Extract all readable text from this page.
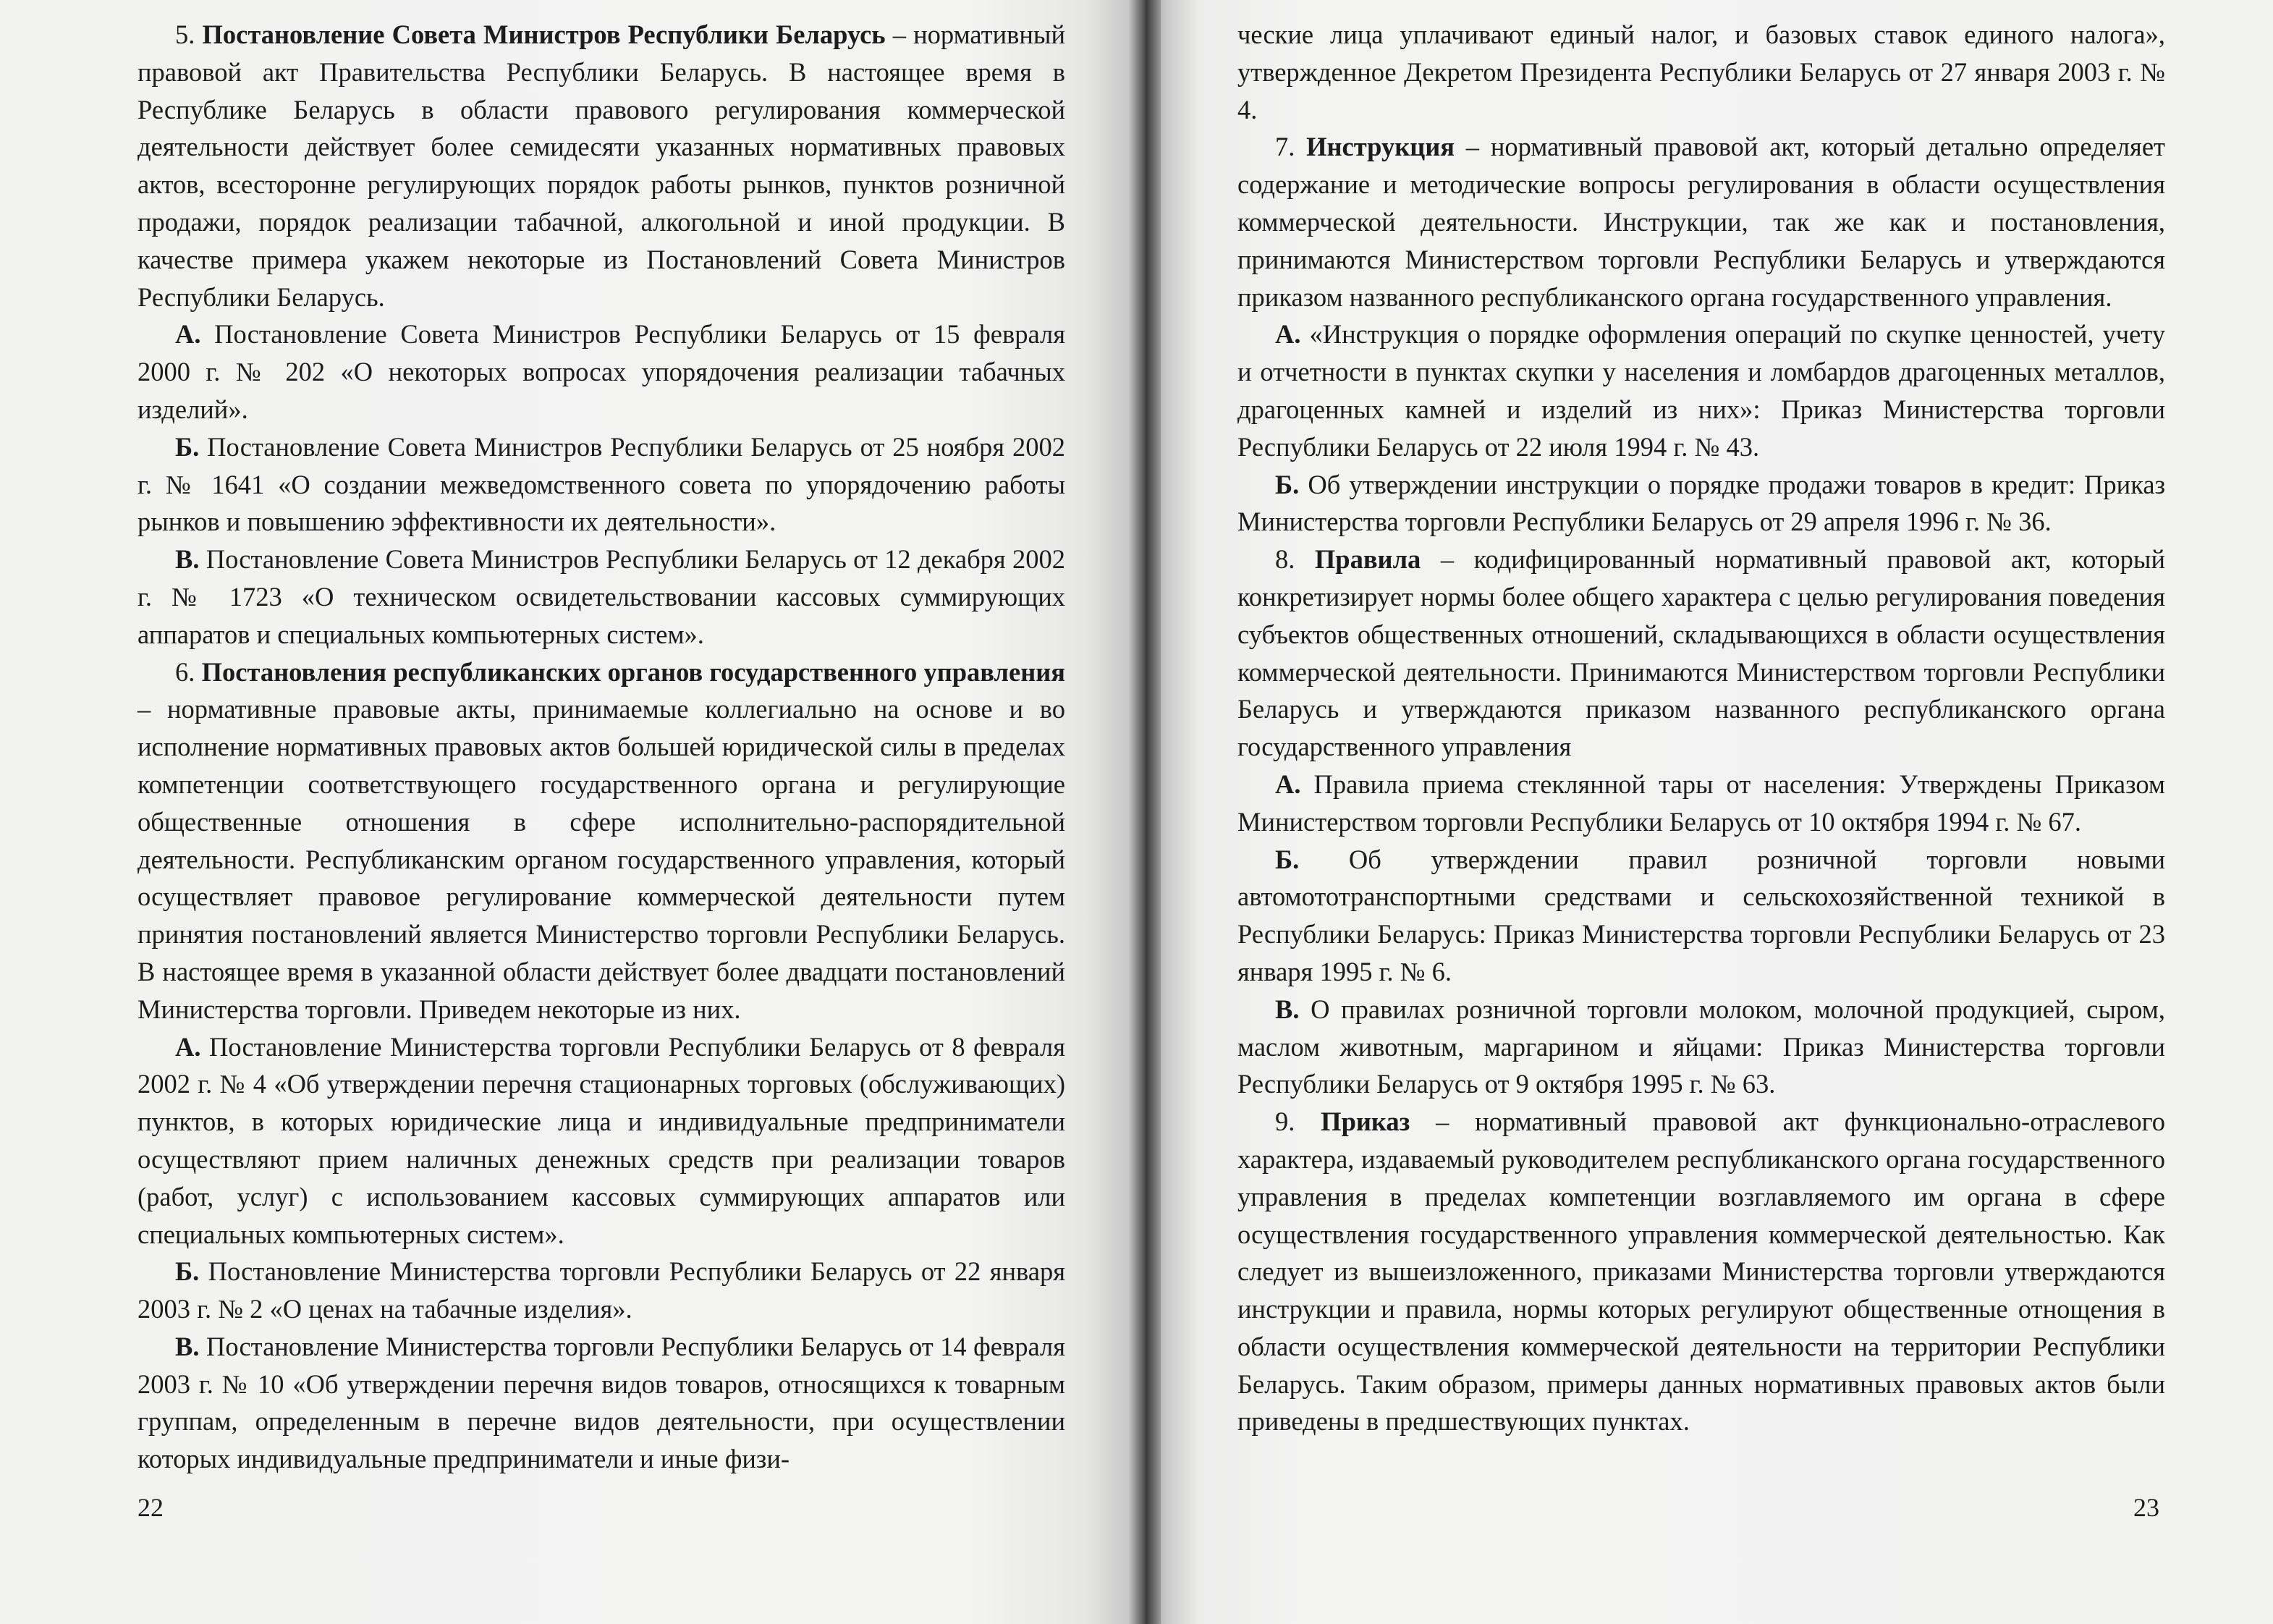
5. Постановление Совета Министров Республики Беларусь – нормативный правовой акт Правительства Республики Беларусь. В настоящее время в Республике Беларусь в области правового регулирования коммерческой деятельности действует более семидесяти указанных нормативных правовых актов, всесторонне регулирующих порядок работы рынков, пунктов розничной продажи, порядок реализации табачной, алкогольной и иной продукции. В качестве примера укажем некоторые из Постановлений Совета Министров Республики Беларусь.

А. Постановление Совета Министров Республики Беларусь от 15 февраля 2000 г. № 202 «О некоторых вопросах упорядочения реализации табачных изделий».

Б. Постановление Совета Министров Республики Беларусь от 25 ноября 2002 г. № 1641 «О создании межведомственного совета по упорядочению работы рынков и повышению эффективности их деятельности».

В. Постановление Совета Министров Республики Беларусь от 12 декабря 2002 г. № 1723 «О техническом освидетельствовании кассовых суммирующих аппаратов и специальных компьютерных систем».

6. Постановления республиканских органов государственного управления – нормативные правовые акты, принимаемые коллегиально на основе и во исполнение нормативных правовых актов большей юридической силы в пределах компетенции соответствующего государственного органа и регулирующие общественные отношения в сфере исполнительно-распорядительной деятельности. Республиканским органом государственного управления, который осуществляет правовое регулирование коммерческой деятельности путем принятия постановлений является Министерство торговли Республики Беларусь. В настоящее время в указанной области действует более двадцати постановлений Министерства торговли. Приведем некоторые из них.

А. Постановление Министерства торговли Республики Беларусь от 8 февраля 2002 г. № 4 «Об утверждении перечня стационарных торговых (обслуживающих) пунктов, в которых юридические лица и индивидуальные предприниматели осуществляют прием наличных денежных средств при реализации товаров (работ, услуг) с использованием кассовых суммирующих аппаратов или специальных компьютерных систем».

Б. Постановление Министерства торговли Республики Беларусь от 22 января 2003 г. № 2 «О ценах на табачные изделия».

В. Постановление Министерства торговли Республики Беларусь от 14 февраля 2003 г. № 10 «Об утверждении перечня видов товаров, относящихся к товарным группам, определенным в перечне видов деятельности, при осуществлении которых индивидуальные предприниматели и иные физи-

22

ческие лица уплачивают единый налог, и базовых ставок единого налога», утвержденное Декретом Президента Республики Беларусь от 27 января 2003 г. № 4.

7. Инструкция – нормативный правовой акт, который детально определяет содержание и методические вопросы регулирования в области осуществления коммерческой деятельности. Инструкции, так же как и постановления, принимаются Министерством торговли Республики Беларусь и утверждаются приказом названного республиканского органа государственного управления.

А. «Инструкция о порядке оформления операций по скупке ценностей, учету и отчетности в пунктах скупки у населения и ломбардов драгоценных металлов, драгоценных камней и изделий из них»: Приказ Министерства торговли Республики Беларусь от 22 июля 1994 г. № 43.

Б. Об утверждении инструкции о порядке продажи товаров в кредит: Приказ Министерства торговли Республики Беларусь от 29 апреля 1996 г. № 36.

8. Правила – кодифицированный нормативный правовой акт, который конкретизирует нормы более общего характера с целью регулирования поведения субъектов общественных отношений, складывающихся в области осуществления коммерческой деятельности. Принимаются Министерством торговли Республики Беларусь и утверждаются приказом названного республиканского органа государственного управления

А. Правила приема стеклянной тары от населения: Утверждены Приказом Министерством торговли Республики Беларусь от 10 октября 1994 г. № 67.

Б. Об утверждении правил розничной торговли новыми автомототранспортными средствами и сельскохозяйственной техникой в Республики Беларусь: Приказ Министерства торговли Республики Беларусь от 23 января 1995 г. № 6.

В. О правилах розничной торговли молоком, молочной продукцией, сыром, маслом животным, маргарином и яйцами: Приказ Министерства торговли Республики Беларусь от 9 октября 1995 г. № 63.

9. Приказ – нормативный правовой акт функционально-отраслевого характера, издаваемый руководителем республиканского органа государственного управления в пределах компетенции возглавляемого им органа в сфере осуществления государственного управления коммерческой деятельностью. Как следует из вышеизложенного, приказами Министерства торговли утверждаются инструкции и правила, нормы которых регулируют общественные отнощения в области осуществления коммерческой деятельности на территории Республики Беларусь. Таким образом, примеры данных нормативных правовых актов были приведены в предшествующих пунктах.

23
